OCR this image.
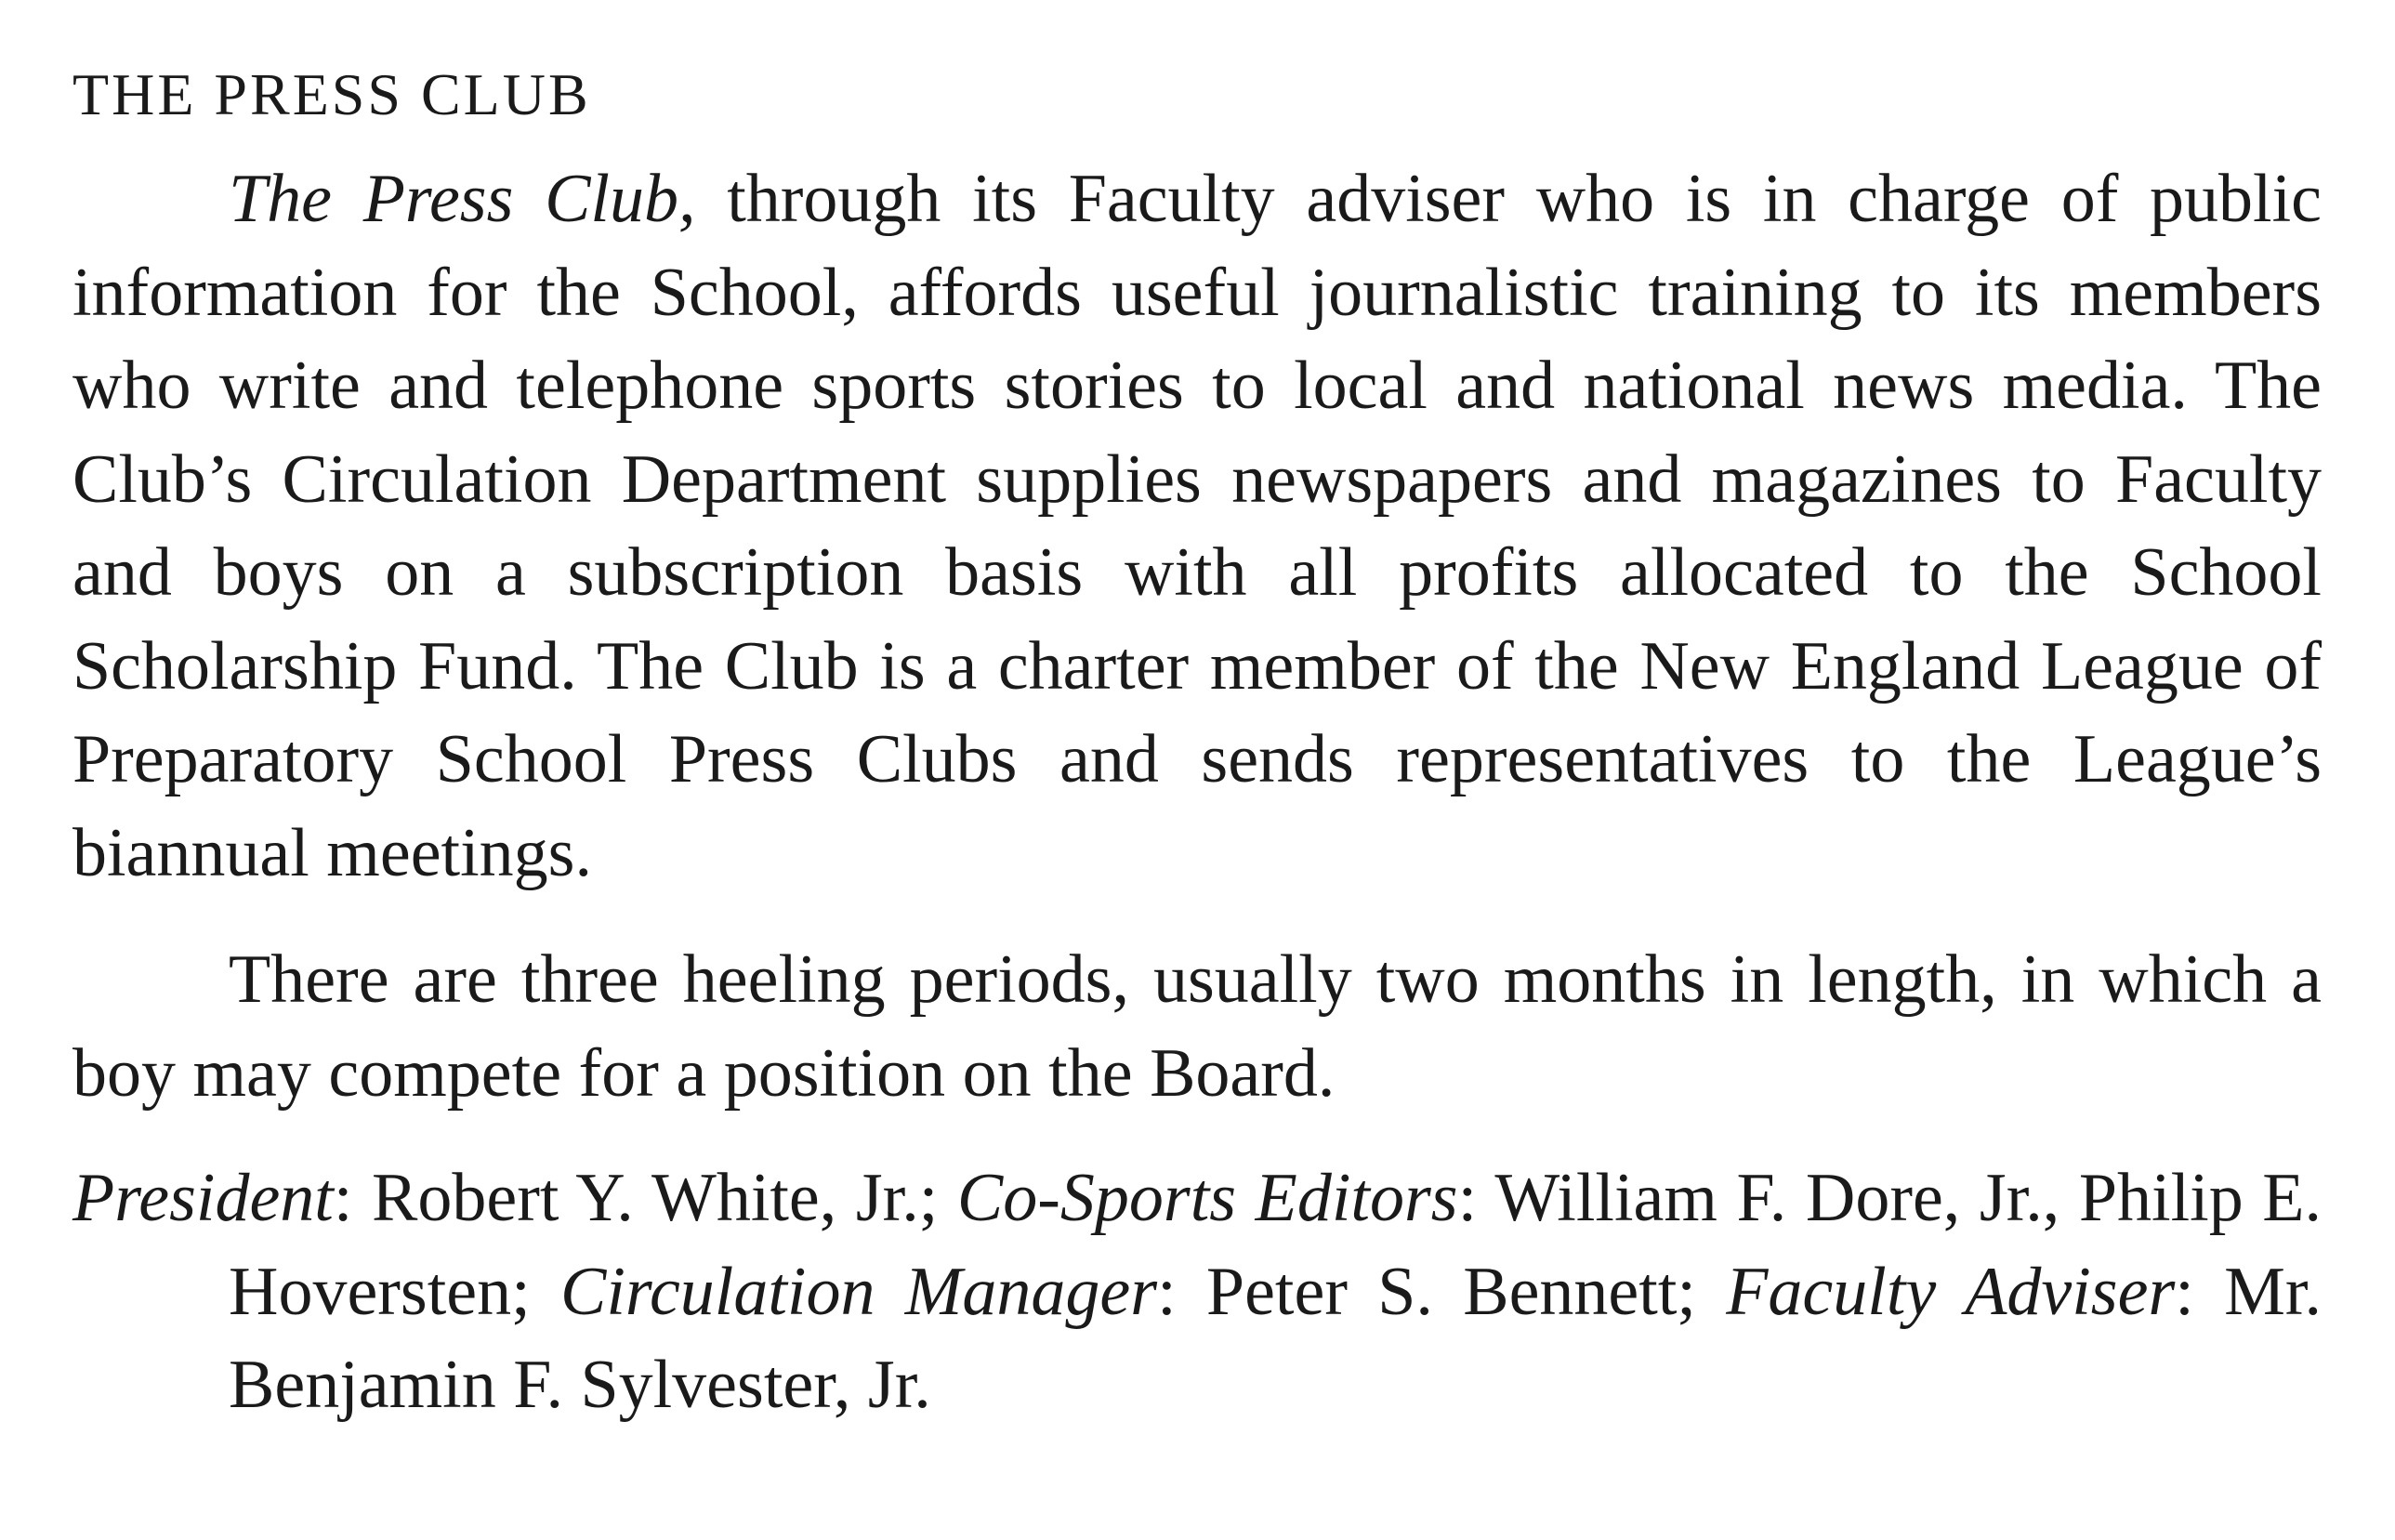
THE PRESS CLUB

The Press Club, through its Faculty adviser who is in charge of public information for the School, affords useful journalistic training to its members who write and telephone sports stories to local and national news media. The Club’s Circulation Department supplies newspapers and magazines to Faculty and boys on a subscription basis with all profits allocated to the School Scholarship Fund. The Club is a charter member of the New England League of Preparatory School Press Clubs and sends representatives to the League’s biannual meetings.

There are three heeling periods, usually two months in length, in which a boy may compete for a position on the Board.

President: Robert Y. White, Jr.; Co-Sports Editors: William F. Dore, Jr., Philip E. Hoversten; Circulation Manager: Peter S. Bennett; Faculty Adviser: Mr. Benjamin F. Sylvester, Jr.
